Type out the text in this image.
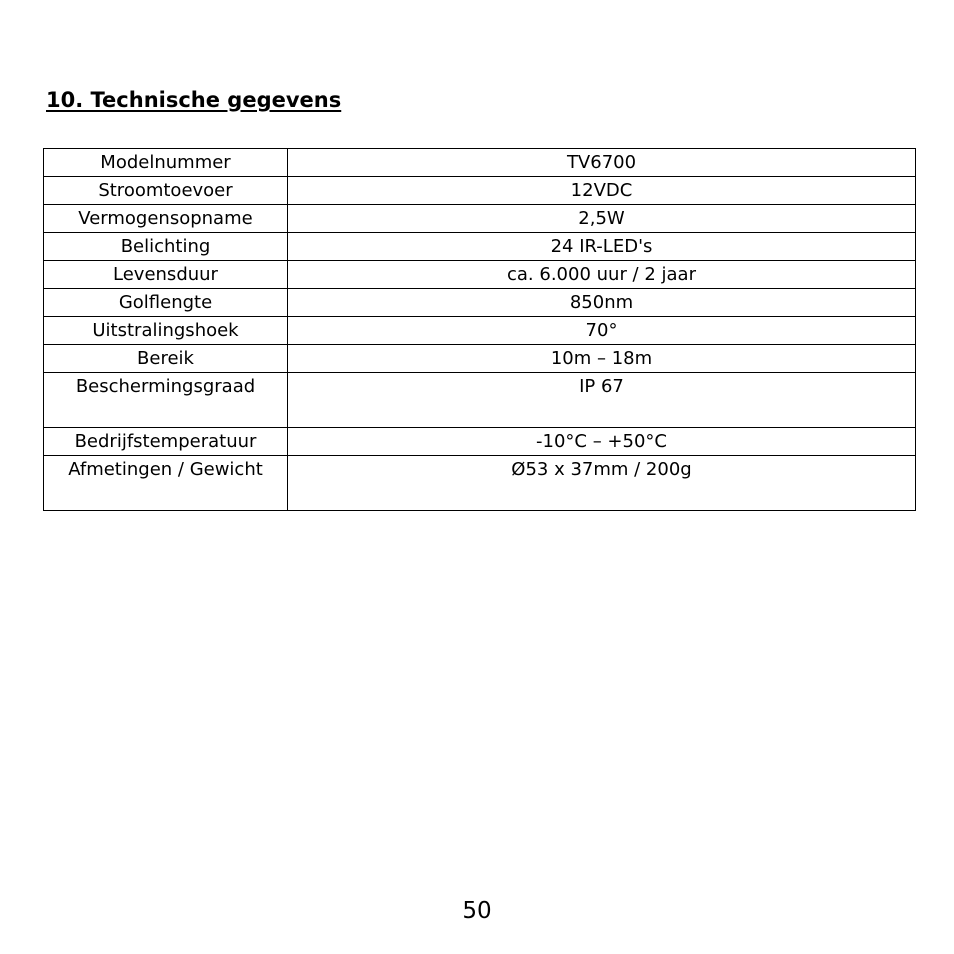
10. Technische gegevens
Modelnummer	TV6700
Stroomtoevoer	12VDC
Vermogensopname	2,5W
Belichting	24 IR-LED's
Levensduur	ca. 6.000 uur / 2 jaar
Golflengte	850nm
Uitstralingshoek	70°
Bereik	10m – 18m
Beschermingsgraad	IP 67
Bedrijfstemperatuur	-10°C – +50°C
Afmetingen / Gewicht	Ø53 x 37mm / 200g
50
